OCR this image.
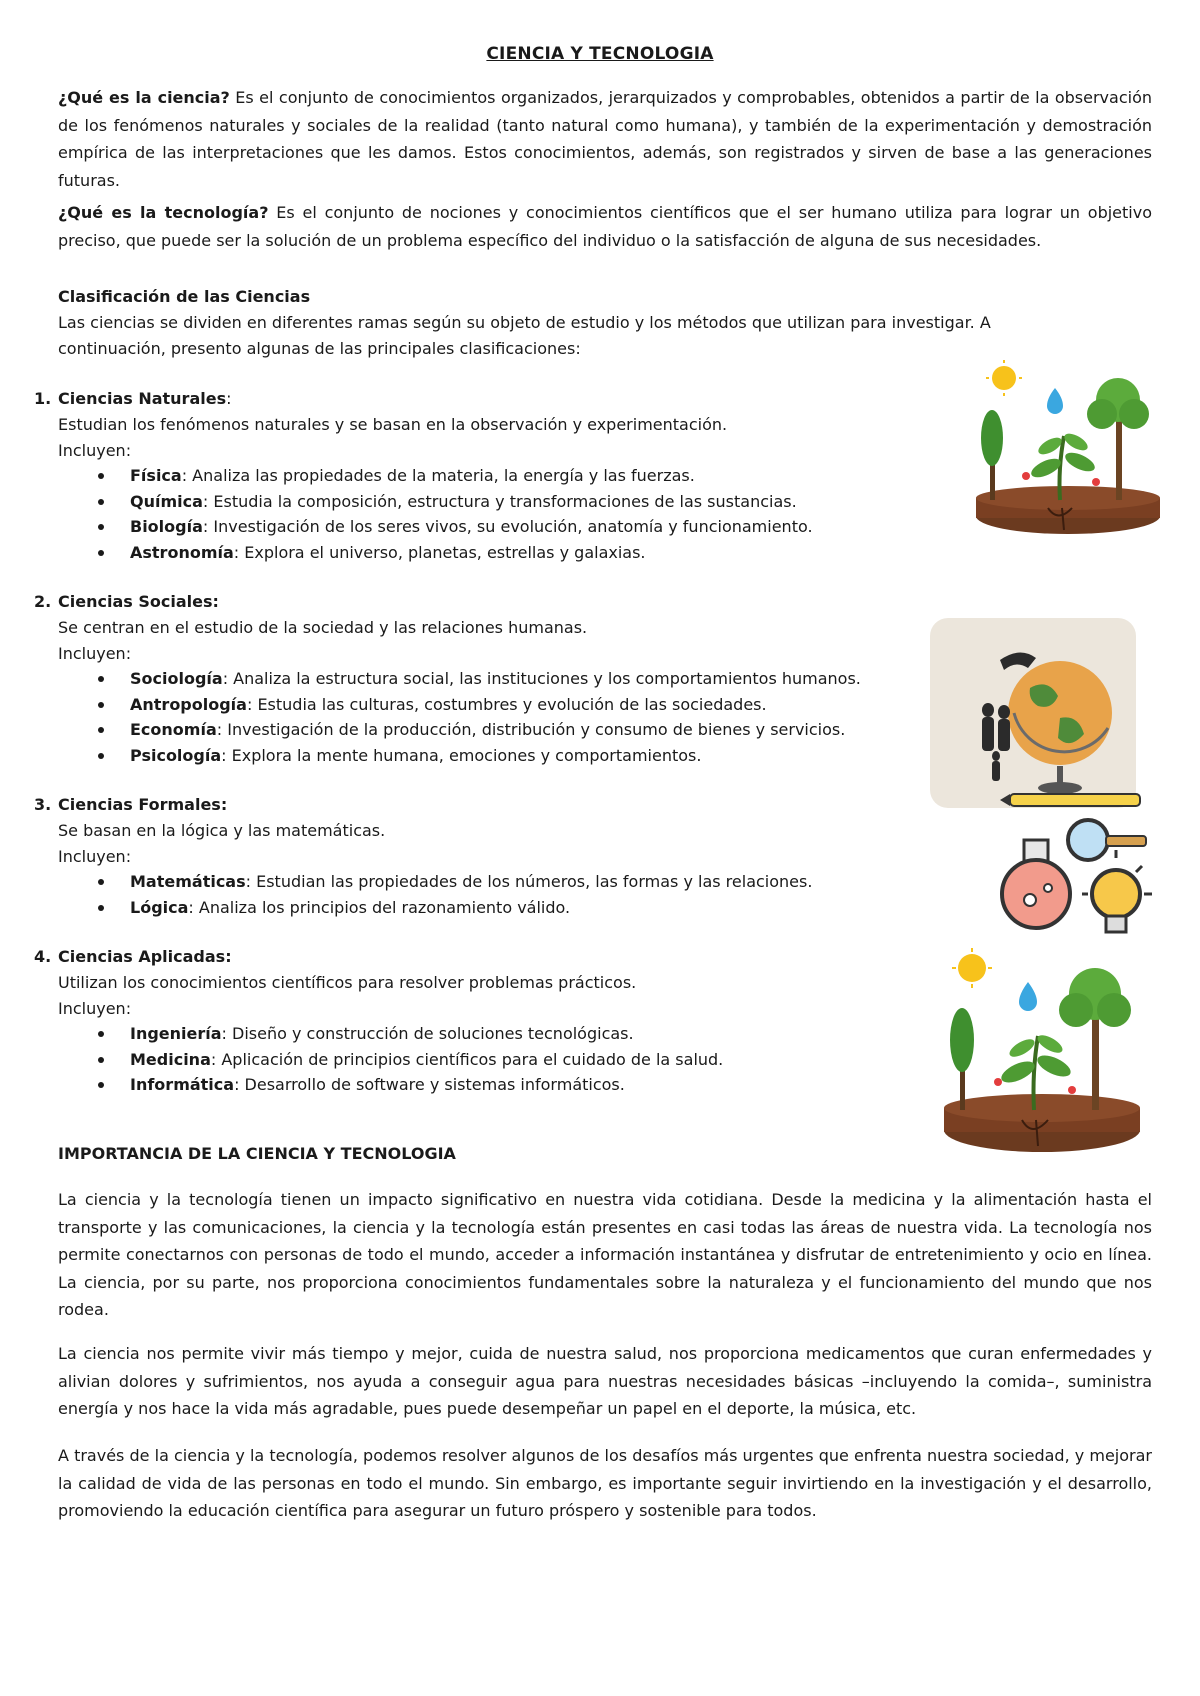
CIENCIA Y TECNOLOGIA

¿Qué es la ciencia? Es el conjunto de conocimientos organizados, jerarquizados y comprobables, obtenidos a partir de la observación de los fenómenos naturales y sociales de la realidad (tanto natural como humana), y también de la experimentación y demostración empírica de las interpretaciones que les damos. Estos conocimientos, además, son registrados y sirven de base a las generaciones futuras.

¿Qué es la tecnología? Es el conjunto de nociones y conocimientos científicos que el ser humano utiliza para lograr un objetivo preciso, que puede ser la solución de un problema específico del individuo o la satisfacción de alguna de sus necesidades.

Clasificación de las Ciencias
Las ciencias se dividen en diferentes ramas según su objeto de estudio y los métodos que utilizan para investigar. A continuación, presento algunas de las principales clasificaciones:
1. Ciencias Naturales:
Estudian los fenómenos naturales y se basan en la observación y experimentación.
Incluyen:
Física: Analiza las propiedades de la materia, la energía y las fuerzas.
Química: Estudia la composición, estructura y transformaciones de las sustancias.
Biología: Investigación de los seres vivos, su evolución, anatomía y funcionamiento.
Astronomía: Explora el universo, planetas, estrellas y galaxias.
2. Ciencias Sociales:
Se centran en el estudio de la sociedad y las relaciones humanas.
Incluyen:
Sociología: Analiza la estructura social, las instituciones y los comportamientos humanos.
Antropología: Estudia las culturas, costumbres y evolución de las sociedades.
Economía: Investigación de la producción, distribución y consumo de bienes y servicios.
Psicología: Explora la mente humana, emociones y comportamientos.
3. Ciencias Formales:
Se basan en la lógica y las matemáticas.
Incluyen:
Matemáticas: Estudian las propiedades de los números, las formas y las relaciones.
Lógica: Analiza los principios del razonamiento válido.
4. Ciencias Aplicadas:
Utilizan los conocimientos científicos para resolver problemas prácticos.
Incluyen:
Ingeniería: Diseño y construcción de soluciones tecnológicas.
Medicina: Aplicación de principios científicos para el cuidado de la salud.
Informática: Desarrollo de software y sistemas informáticos.
IMPORTANCIA DE LA CIENCIA Y TECNOLOGIA

La ciencia y la tecnología tienen un impacto significativo en nuestra vida cotidiana. Desde la medicina y la alimentación hasta el transporte y las comunicaciones, la ciencia y la tecnología están presentes en casi todas las áreas de nuestra vida. La tecnología nos permite conectarnos con personas de todo el mundo, acceder a información instantánea y disfrutar de entretenimiento y ocio en línea. La ciencia, por su parte, nos proporciona conocimientos fundamentales sobre la naturaleza y el funcionamiento del mundo que nos rodea.

La ciencia nos permite vivir más tiempo y mejor, cuida de nuestra salud, nos proporciona medicamentos que curan enfermedades y alivian dolores y sufrimientos, nos ayuda a conseguir agua para nuestras necesidades básicas –incluyendo la comida–, suministra energía y nos hace la vida más agradable, pues puede desempeñar un papel en el deporte, la música, etc.

A través de la ciencia y la tecnología, podemos resolver algunos de los desafíos más urgentes que enfrenta nuestra sociedad, y mejorar la calidad de vida de las personas en todo el mundo. Sin embargo, es importante seguir invirtiendo en la investigación y el desarrollo, promoviendo la educación científica para asegurar un futuro próspero y sostenible para todos.
